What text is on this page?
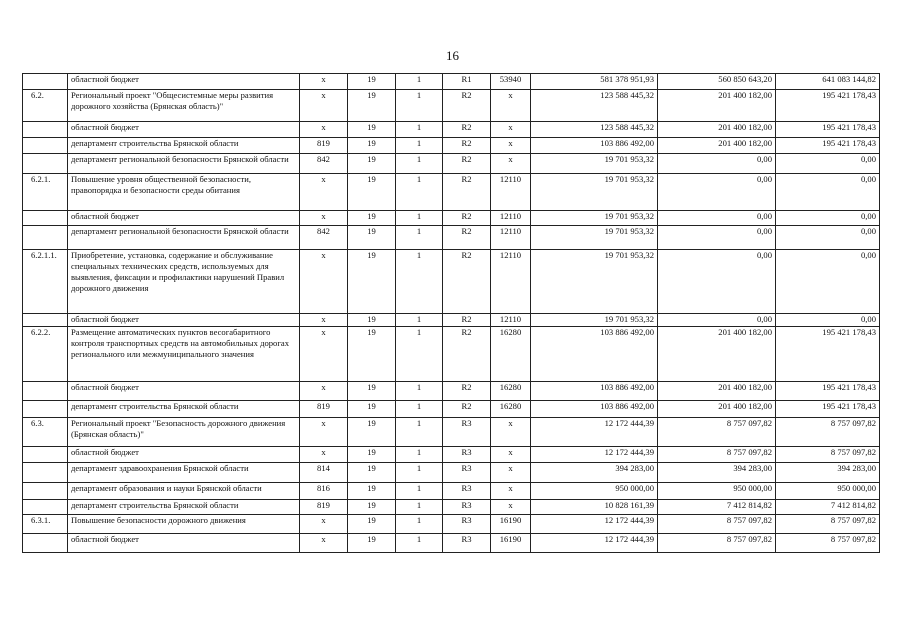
16
	областной бюджет	x	19	1	R1	53940	581 378 951,93	560 850 643,20	641 083 144,82
6.2.	Региональный проект "Общесистемные меры развития дорожного хозяйства (Брянская область)"	x	19	1	R2	x	123 588 445,32	201 400 182,00	195 421 178,43
	областной бюджет	x	19	1	R2	x	123 588 445,32	201 400 182,00	195 421 178,43
	департамент строительства Брянской области	819	19	1	R2	x	103 886 492,00	201 400 182,00	195 421 178,43
	департамент региональной безопасности Брянской области	842	19	1	R2	x	19 701 953,32	0,00	0,00
6.2.1.	Повышение уровня общественной безопасности, правопорядка и безопасности среды обитания	x	19	1	R2	12110	19 701 953,32	0,00	0,00
	областной бюджет	x	19	1	R2	12110	19 701 953,32	0,00	0,00
	департамент региональной безопасности Брянской области	842	19	1	R2	12110	19 701 953,32	0,00	0,00
6.2.1.1.	Приобретение, установка, содержание и обслуживание специальных технических средств, используемых для выявления, фиксации и профилактики нарушений Правил дорожного движения	x	19	1	R2	12110	19 701 953,32	0,00	0,00
	областной бюджет	x	19	1	R2	12110	19 701 953,32	0,00	0,00
6.2.2.	Размещение автоматических пунктов весогабаритного контроля транспортных средств на автомобильных дорогах регионального или межмуниципального значения	x	19	1	R2	16280	103 886 492,00	201 400 182,00	195 421 178,43
	областной бюджет	x	19	1	R2	16280	103 886 492,00	201 400 182,00	195 421 178,43
	департамент строительства Брянской области	819	19	1	R2	16280	103 886 492,00	201 400 182,00	195 421 178,43
6.3.	Региональный проект "Безопасность дорожного движения (Брянская область)"	x	19	1	R3	x	12 172 444,39	8 757 097,82	8 757 097,82
	областной бюджет	x	19	1	R3	x	12 172 444,39	8 757 097,82	8 757 097,82
	департамент здравоохранения Брянской области	814	19	1	R3	x	394 283,00	394 283,00	394 283,00
	департамент образования и науки Брянской области	816	19	1	R3	x	950 000,00	950 000,00	950 000,00
	департамент строительства Брянской области	819	19	1	R3	x	10 828 161,39	7 412 814,82	7 412 814,82
6.3.1.	Повышение безопасности дорожного движения	x	19	1	R3	16190	12 172 444,39	8 757 097,82	8 757 097,82
	областной бюджет	x	19	1	R3	16190	12 172 444,39	8 757 097,82	8 757 097,82
